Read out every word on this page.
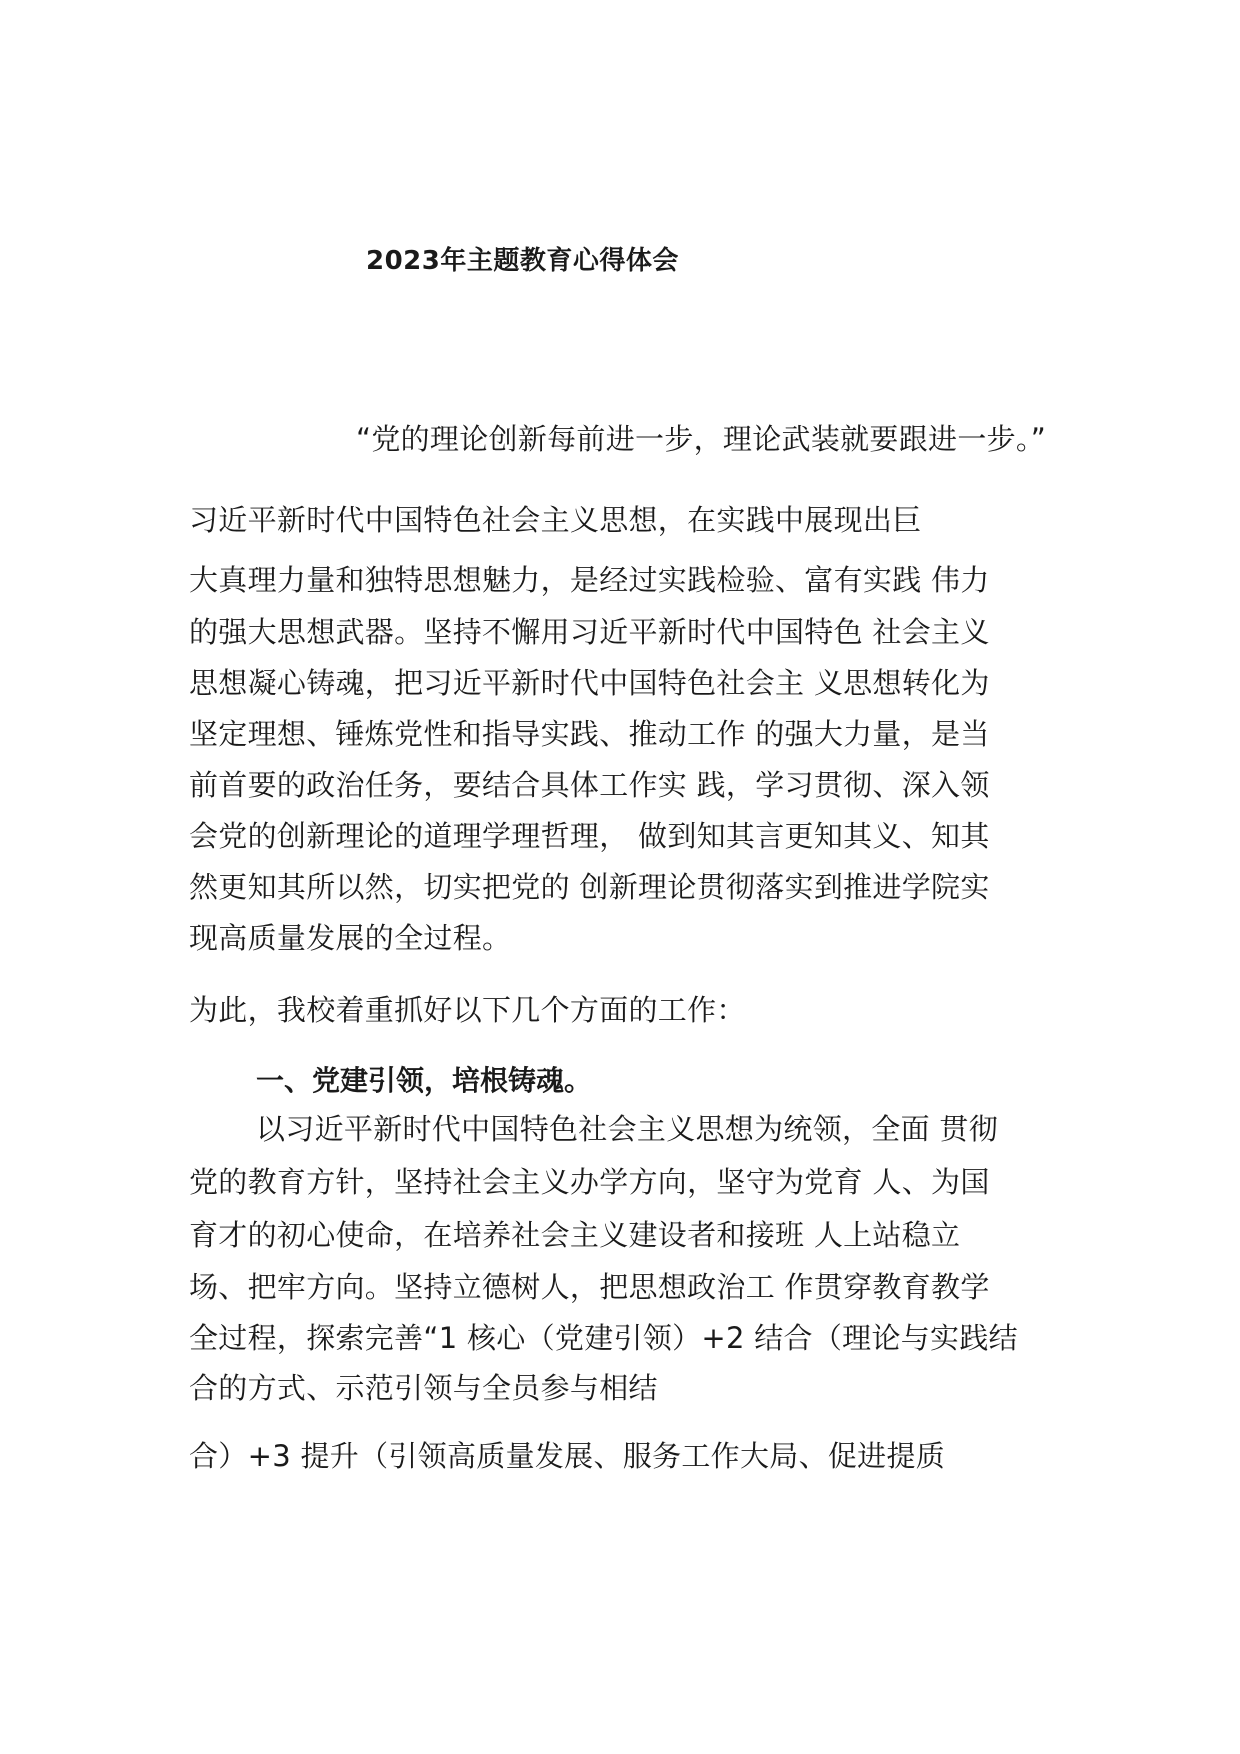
2023年主题教育心得体会
“党的理论创新每前进一步，理论武装就要跟进一步。”
习近平新时代中国特色社会主义思想，在实践中展现出巨
大真理力量和独特思想魅力，是经过实践检验、富有实践 伟力
的强大思想武器。坚持不懈用习近平新时代中国特色 社会主义
思想凝心铸魂，把习近平新时代中国特色社会主 义思想转化为
坚定理想、锤炼党性和指导实践、推动工作 的强大力量，是当
前首要的政治任务，要结合具体工作实 践，学习贯彻、深入领
会党的创新理论的道理学理哲理， 做到知其言更知其义、知其
然更知其所以然，切实把党的 创新理论贯彻落实到推进学院实
现高质量发展的全过程。
为此，我校着重抓好以下几个方面的工作：
一、党建引领，培根铸魂。
以习近平新时代中国特色社会主义思想为统领，全面 贯彻
党的教育方针，坚持社会主义办学方向，坚守为党育 人、为国
育才的初心使命，在培养社会主义建设者和接班 人上站稳立
场、把牢方向。坚持立德树人，把思想政治工 作贯穿教育教学
全过程，探索完善“1 核心（党建引领）+2 结合（理论与实践结
合的方式、示范引领与全员参与相结
合）+3 提升（引领高质量发展、服务工作大局、促进提质
